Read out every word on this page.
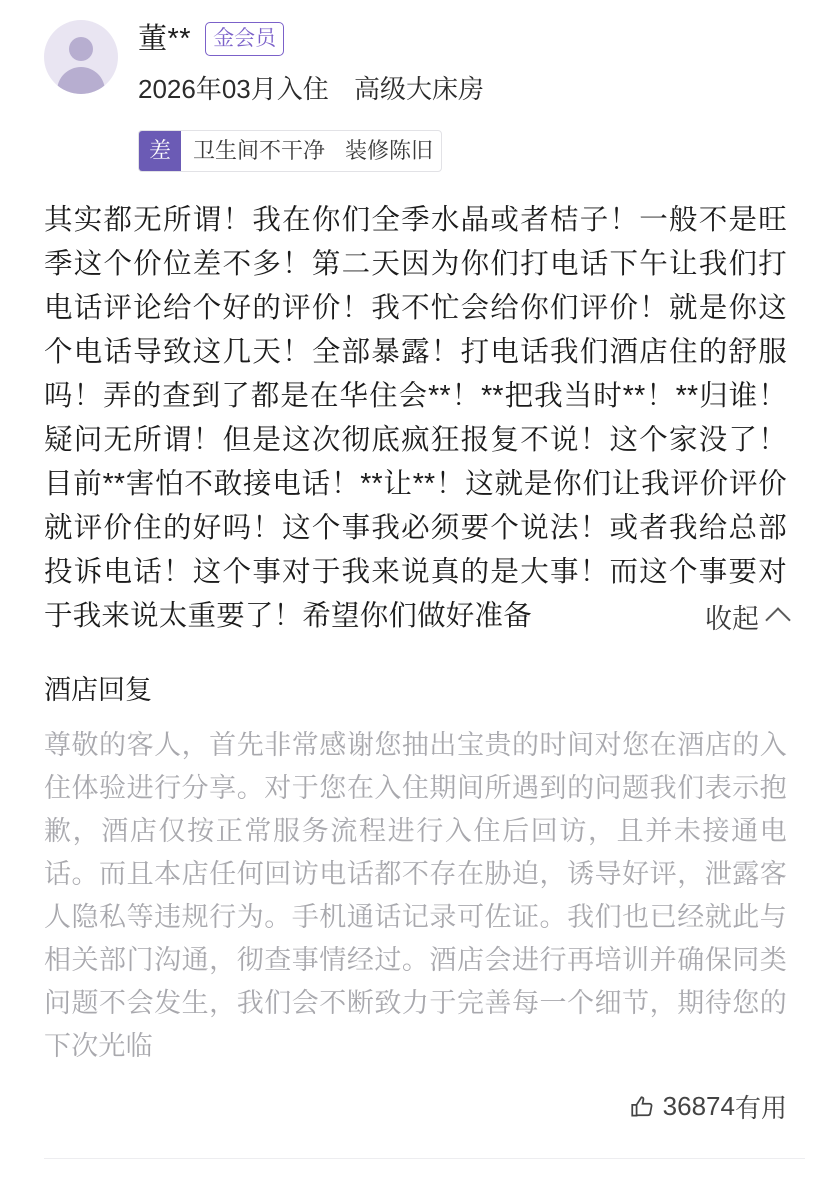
董**	金会员
2026年03月入住 高级大床房
差	卫生间不干净 装修陈旧
其实都无所谓！我在你们全季水晶或者桔子！一般不是旺季这个价位差不多！第二天因为你们打电话下午让我们打电话评论给个好的评价！我不忙会给你们评价！就是你这个电话导致这几天！全部暴露！打电话我们酒店住的舒服吗！弄的查到了都是在华住会**！**把我当时**！**归谁！疑问无所谓！但是这次彻底疯狂报复不说！这个家没了！目前**害怕不敢接电话！**让**！这就是你们让我评价评价就评价住的好吗！这个事我必须要个说法！或者我给总部投诉电话！这个事对于我来说真的是大事！而这个事要对于我来说太重要了！希望你们做好准备	收起
酒店回复
尊敬的客人，首先非常感谢您抽出宝贵的时间对您在酒店的入住体验进行分享。对于您在入住期间所遇到的问题我们表示抱歉，酒店仅按正常服务流程进行入住后回访，且并未接通电话。而且本店任何回访电话都不存在胁迫，诱导好评，泄露客人隐私等违规行为。手机通话记录可佐证。我们也已经就此与相关部门沟通，彻查事情经过。酒店会进行再培训并确保同类问题不会发生，我们会不断致力于完善每一个细节，期待您的下次光临
36874 有用
